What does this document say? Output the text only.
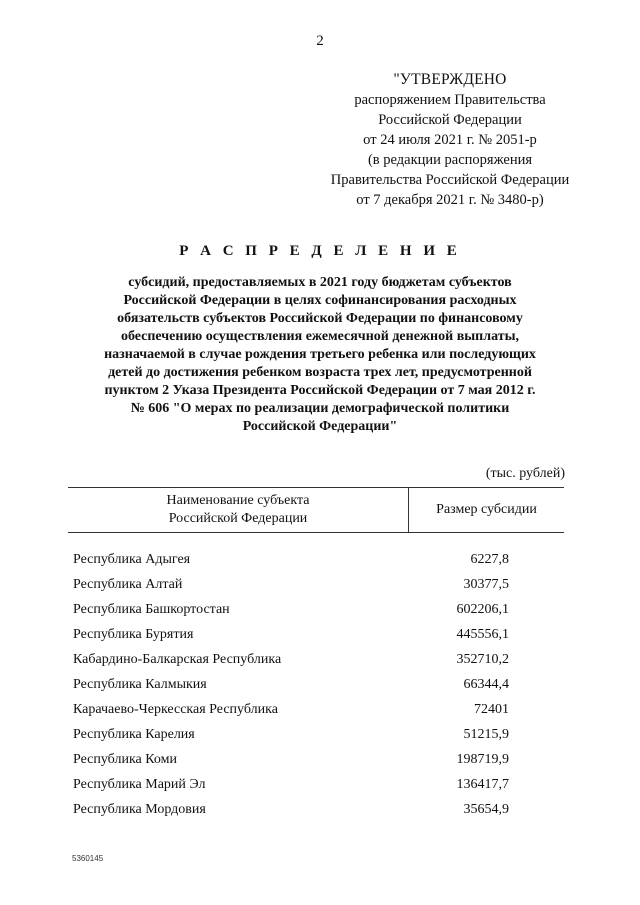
2
"УТВЕРЖДЕНО
распоряжением Правительства
Российской Федерации
от 24 июля 2021 г. № 2051-р
(в редакции распоряжения
Правительства Российской Федерации
от 7 декабря 2021 г. № 3480-р)
Р А С П Р Е Д Е Л Е Н И Е
субсидий, предоставляемых в 2021 году бюджетам субъектов
Российской Федерации в целях софинансирования расходных
обязательств субъектов Российской Федерации по финансовому
обеспечению осуществления ежемесячной денежной выплаты,
назначаемой в случае рождения третьего ребенка или последующих
детей до достижения ребенком возраста трех лет, предусмотренной
пунктом 2 Указа Президента Российской Федерации от 7 мая 2012 г.
№ 606 "О мерах по реализации демографической политики
Российской Федерации"
(тыс. рублей)
Наименование субъекта
Российской Федерации	Размер субсидии
Республика Адыгея	6227,8
Республика Алтай	30377,5
Республика Башкортостан	602206,1
Республика Бурятия	445556,1
Кабардино-Балкарская Республика	352710,2
Республика Калмыкия	66344,4
Карачаево-Черкесская Республика	72401
Республика Карелия	51215,9
Республика Коми	198719,9
Республика Марий Эл	136417,7
Республика Мордовия	35654,9
5360145
